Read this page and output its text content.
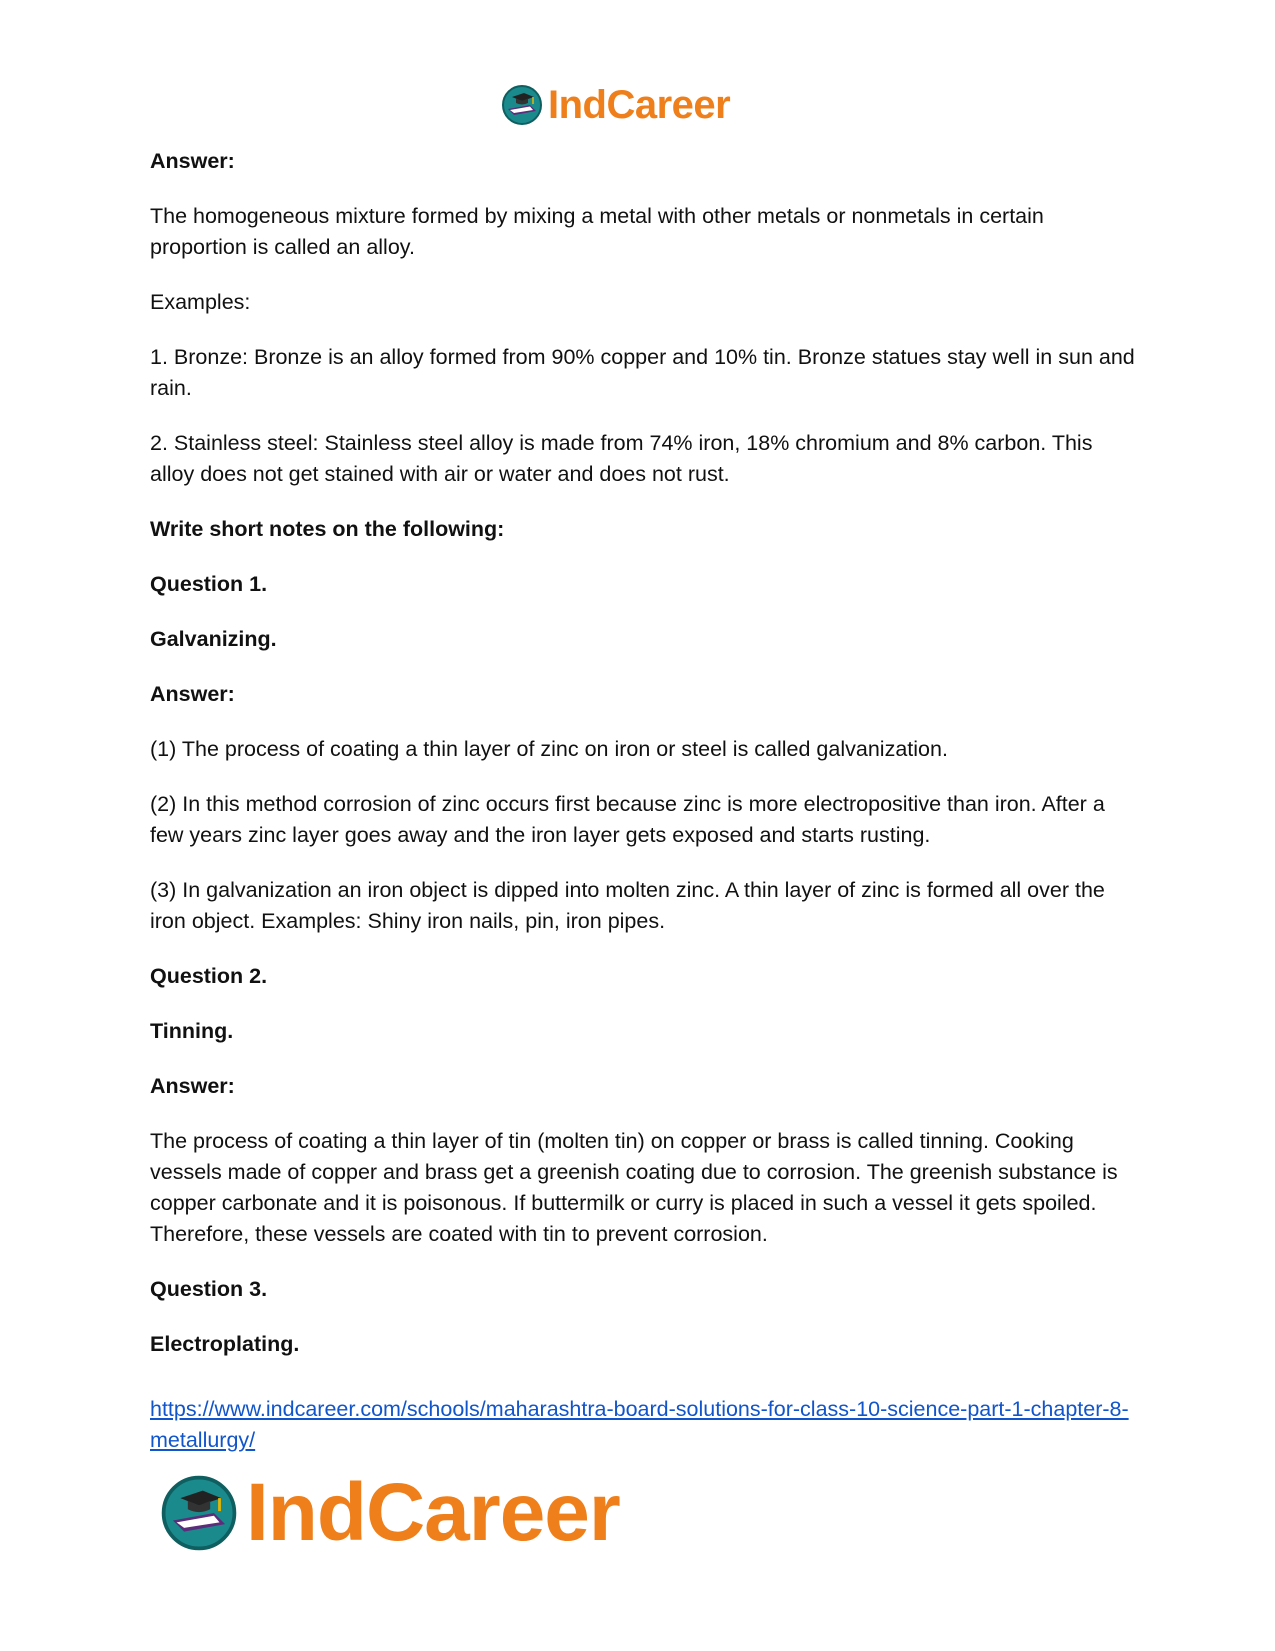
IndCareer

Answer:

The homogeneous mixture formed by mixing a metal with other metals or nonmetals in certain proportion is called an alloy.

Examples:

1. Bronze: Bronze is an alloy formed from 90% copper and 10% tin. Bronze statues stay well in sun and rain.

2. Stainless steel: Stainless steel alloy is made from 74% iron, 18% chromium and 8% carbon. This alloy does not get stained with air or water and does not rust.

Write short notes on the following:

Question 1.

Galvanizing.

Answer:

(1) The process of coating a thin layer of zinc on iron or steel is called galvanization.

(2) In this method corrosion of zinc occurs first because zinc is more electropositive than iron. After a few years zinc layer goes away and the iron layer gets exposed and starts rusting.

(3) In galvanization an iron object is dipped into molten zinc. A thin layer of zinc is formed all over the iron object. Examples: Shiny iron nails, pin, iron pipes.

Question 2.

Tinning.

Answer:

The process of coating a thin layer of tin (molten tin) on copper or brass is called tinning. Cooking vessels made of copper and brass get a greenish coating due to corrosion. The greenish substance is copper carbonate and it is poisonous. If buttermilk or curry is placed in such a vessel it gets spoiled. Therefore, these vessels are coated with tin to prevent corrosion.

Question 3.

Electroplating.

https://www.indcareer.com/schools/maharashtra-board-solutions-for-class-10-science-part-1-chapter-8-metallurgy/

IndCareer
